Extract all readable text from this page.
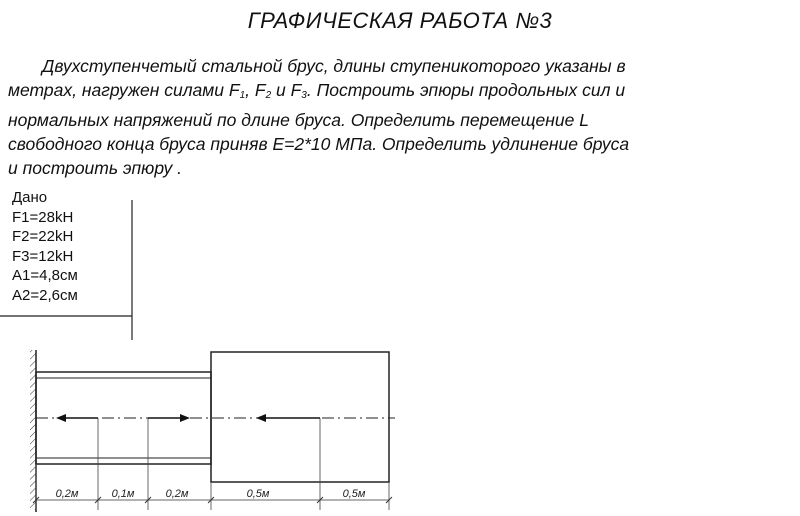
ГРАФИЧЕСКАЯ РАБОТА №3
Двухступенчетый стальной брус, длины ступеникоторого указаны в
метрах, нагружен силами $F_1$, $F_2$ и $F_3$. Построить эпюры продольных сил и
нормальных напряжений по длине бруса. Определить перемещение L
свободного конца бруса приняв E=2*10 МПа. Определить удлинение бруса
и построить эпюру .
Дано
F1=28kH
F2=22kH
F3=12kH
A1=4,8см
A2=2,6см
0,2м	0,1м	0,2м	0,5м	0,5м
